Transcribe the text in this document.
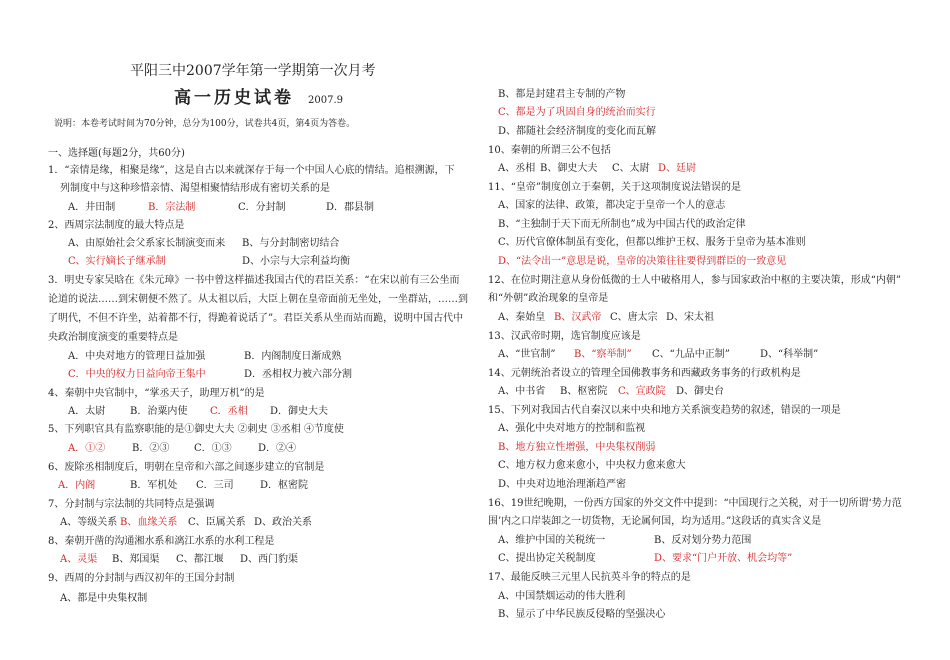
平阳三中2007学年第一学期第一次月考
高一历史试卷 2007.9
说明：本卷考试时间为70分钟，总分为100分，试卷共4页，第4页为答卷。
一、选择题(每题2分，共60分)
1．“亲情是缘，相聚是缘”，这是自古以来就深存于每一个中国人心底的情结。追根溯源，下
列制度中与这种珍惜亲情、渴望相聚情结形成有密切关系的是
A．井田制	B．宗法制	C．分封制	D．郡县制
2、西周宗法制度的最大特点是
A、由原始社会父系家长制演变而来 B、与分封制密切结合
C、实行嫡长子继承制	D、小宗与大宗利益均衡
3．明史专家吴晗在《朱元璋》一书中曾这样描述我国古代的君臣关系：“在宋以前有三公坐而
论道的说法……到宋朝便不然了。从太祖以后，大臣上朝在皇帝面前无坐处，一坐群站，……到
了明代，不但不许坐，站着都不行，得跪着说话了”。君臣关系从坐而站而跪，说明中国古代中
央政治制度演变的重要特点是
A．中央对地方的管理日益加强	B．内阁制度日渐成熟
C．中央的权力日益向帝王集中	D．丞相权力被六部分割
4、秦朝中央官制中，“掌丞天子，助理万机”的是
A．太尉 B．治粟内使 C．丞相 D．御史大夫
5、下列职官具有监察职能的是①御史大夫 ②刺史 ③丞相 ④节度使
A．①②	B．②③ C．①③	D．②④
6、废除丞相制度后，明朝在皇帝和六部之间逐步建立的官制是
A．内阁	B．军机处 C．三司	D．枢密院
7、分封制与宗法制的共同特点是强调
A、等级关系 B、血缘关系 C、臣属关系 D、政治关系
8、秦朝开凿的沟通湘水系和漓江水系的水利工程是
A、灵渠 B、郑国渠 C、都江堰 D、西门豹渠
9、西周的分封制与西汉初年的王国分封制
A、都是中央集权制
B、都是封建君主专制的产物
C、都是为了巩固自身的统治而实行
D、都随社会经济制度的变化而瓦解
10、秦朝的所谓三公不包括
A、丞相 B、御史大夫 C、太尉 D、廷尉
11、“皇帝”制度创立于秦朝，关于这项制度说法错误的是
A、国家的法律、政策，都决定于皇帝一个人的意志
B、“主独制于天下而无所制也”成为中国古代的政治定律
C、历代官僚体制虽有变化，但都以维护王权、服务于皇帝为基本准则
D、“法令出一”意思是说，皇帝的决策往往要得到群臣的一致意见
12、在位时期注意从身份低微的士人中破格用人，参与国家政治中枢的主要决策，形成“内朝”
和“外朝”政治现象的皇帝是
A、秦始皇 B、汉武帝 C、唐太宗 D、宋太祖
13、汉武帝时期，选官制度应该是
A、“世官制” B、“察举制” C、“九品中正制”	D、“科举制”
14、元朝统治者设立的管理全国佛教事务和西藏政务事务的行政机构是
A、中书省 B、枢密院 C、宣政院 D、御史台
15、下列对我国古代自秦汉以来中央和地方关系演变趋势的叙述，错误的一项是
A、强化中央对地方的控制和监视
B、地方独立性增强，中央集权削弱
C、地方权力愈来愈小，中央权力愈来愈大
D、中央对边地治理渐趋严密
16、19世纪晚期，一份西方国家的外交文件中提到：“中国现行之关税，对于一切所谓‘势力范
围’内之口岸装卸之一切货物，无论属何国，均为适用。”这段话的真实含义是
A、维护中国的关税统一	B、反对划分势力范围
C、提出协定关税制度	D、要求“门户开放、机会均等”
17、最能反映三元里人民抗英斗争的特点的是
A、中国禁烟运动的伟大胜利
B、显示了中华民族反侵略的坚强决心
